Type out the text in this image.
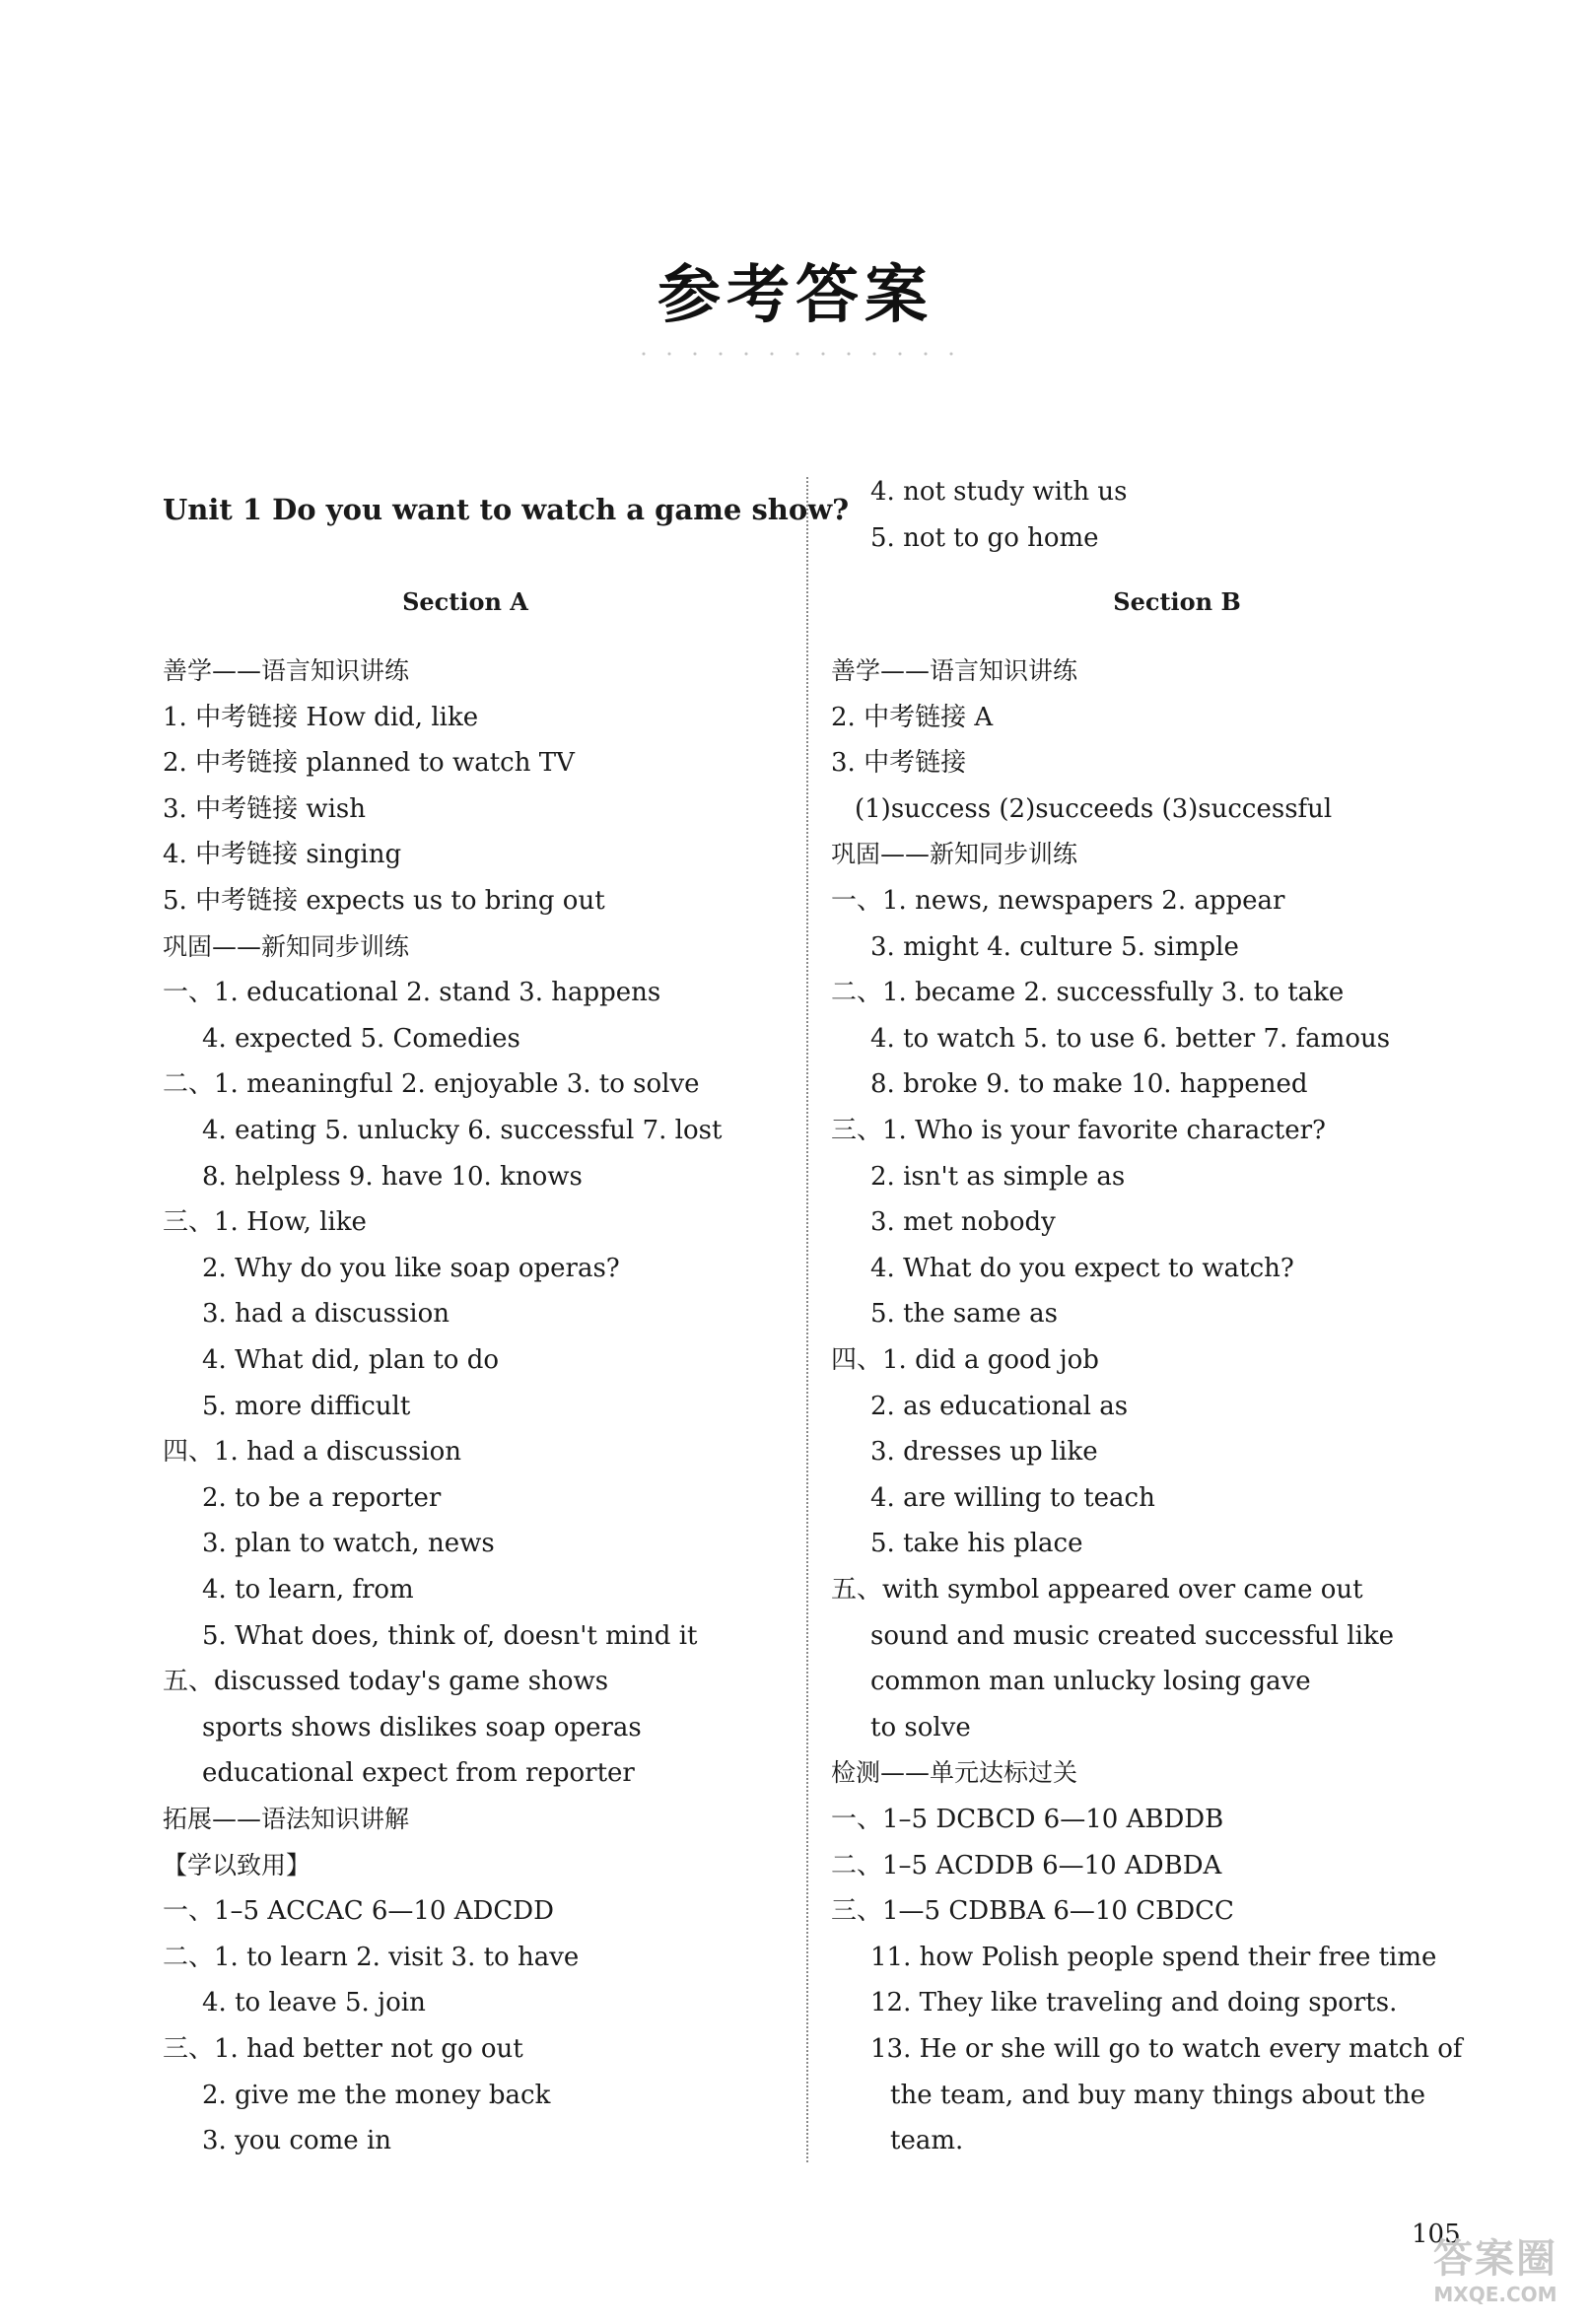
参考答案
Unit 1 Do you want to watch a game show?
Section A	Section B
善学——语言知识讲练
1. 中考链接 How did, like
2. 中考链接 planned to watch TV
3. 中考链接 wish
4. 中考链接 singing
5. 中考链接 expects us to bring out
巩固——新知同步训练
一、1. educational 2. stand 3. happens
4. expected 5. Comedies
二、1. meaningful 2. enjoyable 3. to solve
4. eating 5. unlucky 6. successful 7. lost
8. helpless 9. have 10. knows
三、1. How, like
2. Why do you like soap operas?
3. had a discussion
4. What did, plan to do
5. more difficult
四、1. had a discussion
2. to be a reporter
3. plan to watch, news
4. to learn, from
5. What does, think of, doesn't mind it
五、discussed today's game shows
sports shows dislikes soap operas
educational expect from reporter
拓展——语法知识讲解
【学以致用】
一、1–5 ACCAC 6—10 ADCDD
二、1. to learn 2. visit 3. to have
4. to leave 5. join
三、1. had better not go out
2. give me the money back
3. you come in
4. not study with us
5. not to go home
善学——语言知识讲练
2. 中考链接 A
3. 中考链接
(1)success (2)succeeds (3)successful
巩固——新知同步训练
一、1. news, newspapers 2. appear
3. might 4. culture 5. simple
二、1. became 2. successfully 3. to take
4. to watch 5. to use 6. better 7. famous
8. broke 9. to make 10. happened
三、1. Who is your favorite character?
2. isn't as simple as
3. met nobody
4. What do you expect to watch?
5. the same as
四、1. did a good job
2. as educational as
3. dresses up like
4. are willing to teach
5. take his place
五、with symbol appeared over came out
sound and music created successful like
common man unlucky losing gave
to solve
检测——单元达标过关
一、1–5 DCBCD 6—10 ABDDB
二、1–5 ACDDB 6—10 ADBDA
三、1—5 CDBBA 6—10 CBDCC
11. how Polish people spend their free time
12. They like traveling and doing sports.
13. He or she will go to watch every match of
the team, and buy many things about the
team.
105
答案圈
MXQE.COM
